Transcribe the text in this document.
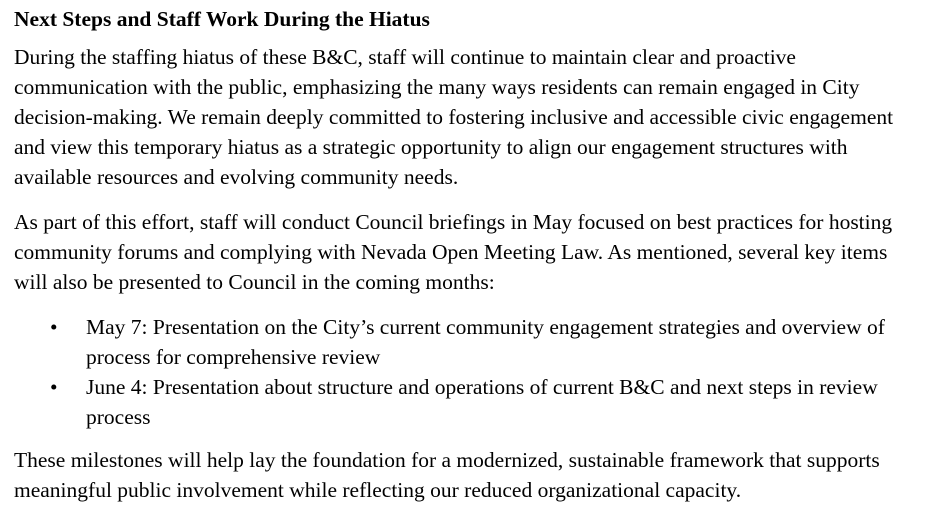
Next Steps and Staff Work During the Hiatus

During the staffing hiatus of these B&C, staff will continue to maintain clear and proactive communication with the public, emphasizing the many ways residents can remain engaged in City decision-making. We remain deeply committed to fostering inclusive and accessible civic engagement and view this temporary hiatus as a strategic opportunity to align our engagement structures with available resources and evolving community needs.

As part of this effort, staff will conduct Council briefings in May focused on best practices for hosting community forums and complying with Nevada Open Meeting Law. As mentioned, several key items will also be presented to Council in the coming months:

• May 7: Presentation on the City’s current community engagement strategies and overview of process for comprehensive review
• June 4: Presentation about structure and operations of current B&C and next steps in review process

These milestones will help lay the foundation for a modernized, sustainable framework that supports meaningful public involvement while reflecting our reduced organizational capacity.
